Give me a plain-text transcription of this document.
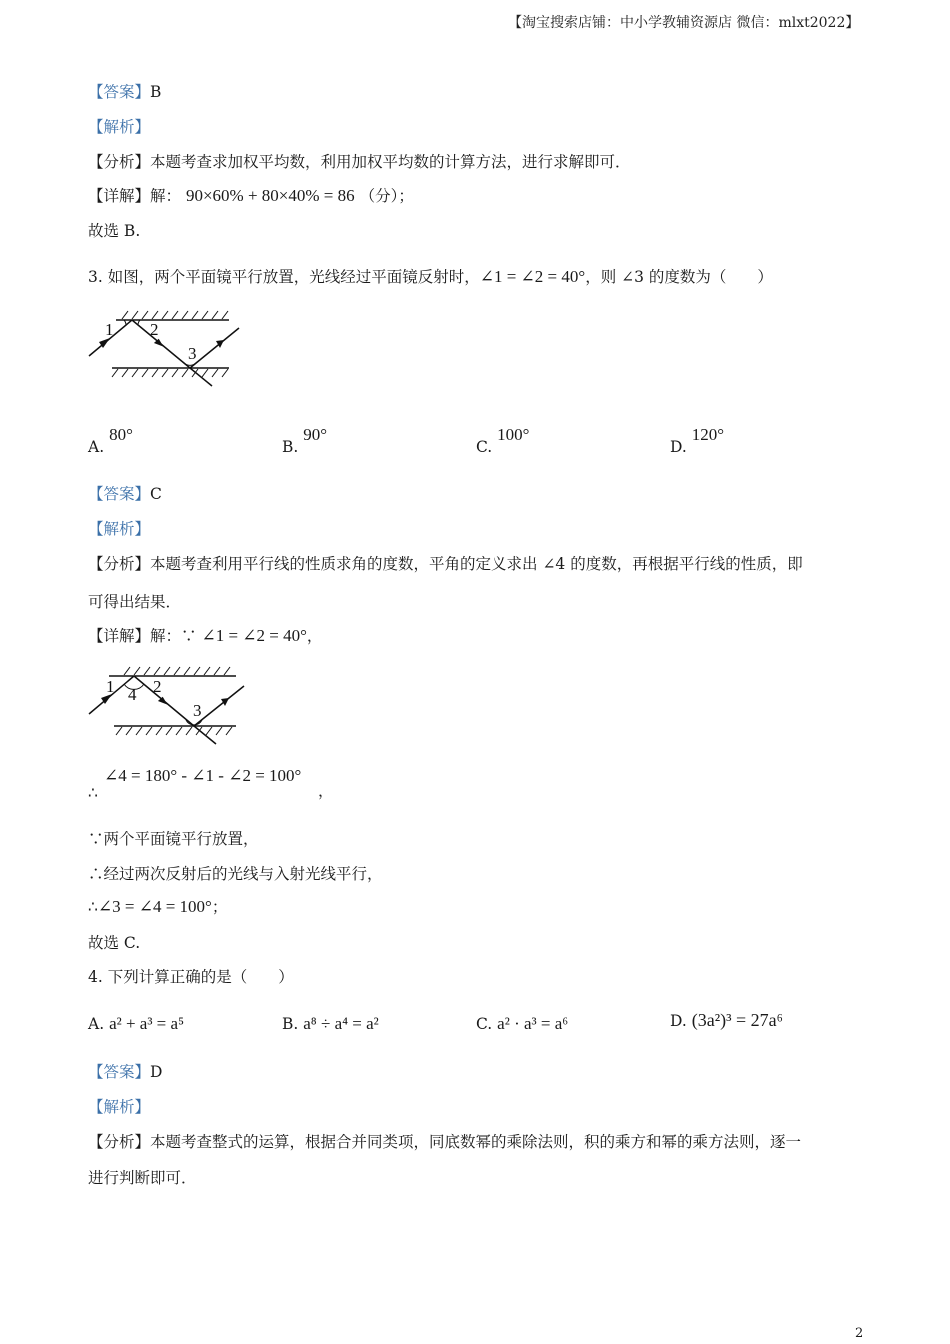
【淘宝搜索店铺：中小学教辅资源店 微信：mlxt2022】
【答案】B
【解析】
【分析】本题考查求加权平均数，利用加权平均数的计算方法，进行求解即可．
【详解】解： 90×60% + 80×40% = 86 （分）；
故选 B.
3. 如图，两个平面镜平行放置，光线经过平面镜反射时，∠1 = ∠2 = 40°，则 ∠3 的度数为（　　）
1 2
3
A. 80°
B. 90°
C. 100°
D. 120°
【答案】C
【解析】
【分析】本题考查利用平行线的性质求角的度数，平角的定义求出 ∠4 的度数，再根据平行线的性质，即
可得出结果．
【详解】解：∵ ∠1 = ∠2 = 40°，
1 4 2
3
∴
∠4 = 180° - ∠1 - ∠2 = 100°
，
∵两个平面镜平行放置，
∴经过两次反射后的光线与入射光线平行，
∴∠3 = ∠4 = 100°；
故选 C.
4. 下列计算正确的是（　　）
A. a² + a³ = a⁵	B. a⁸ ÷ a⁴ = a²	C. a² · a³ = a⁶	D. (3a²)³ = 27a⁶
【答案】D
【解析】
【分析】本题考查整式的运算，根据合并同类项，同底数幂的乘除法则，积的乘方和幂的乘方法则，逐一
进行判断即可．
2
